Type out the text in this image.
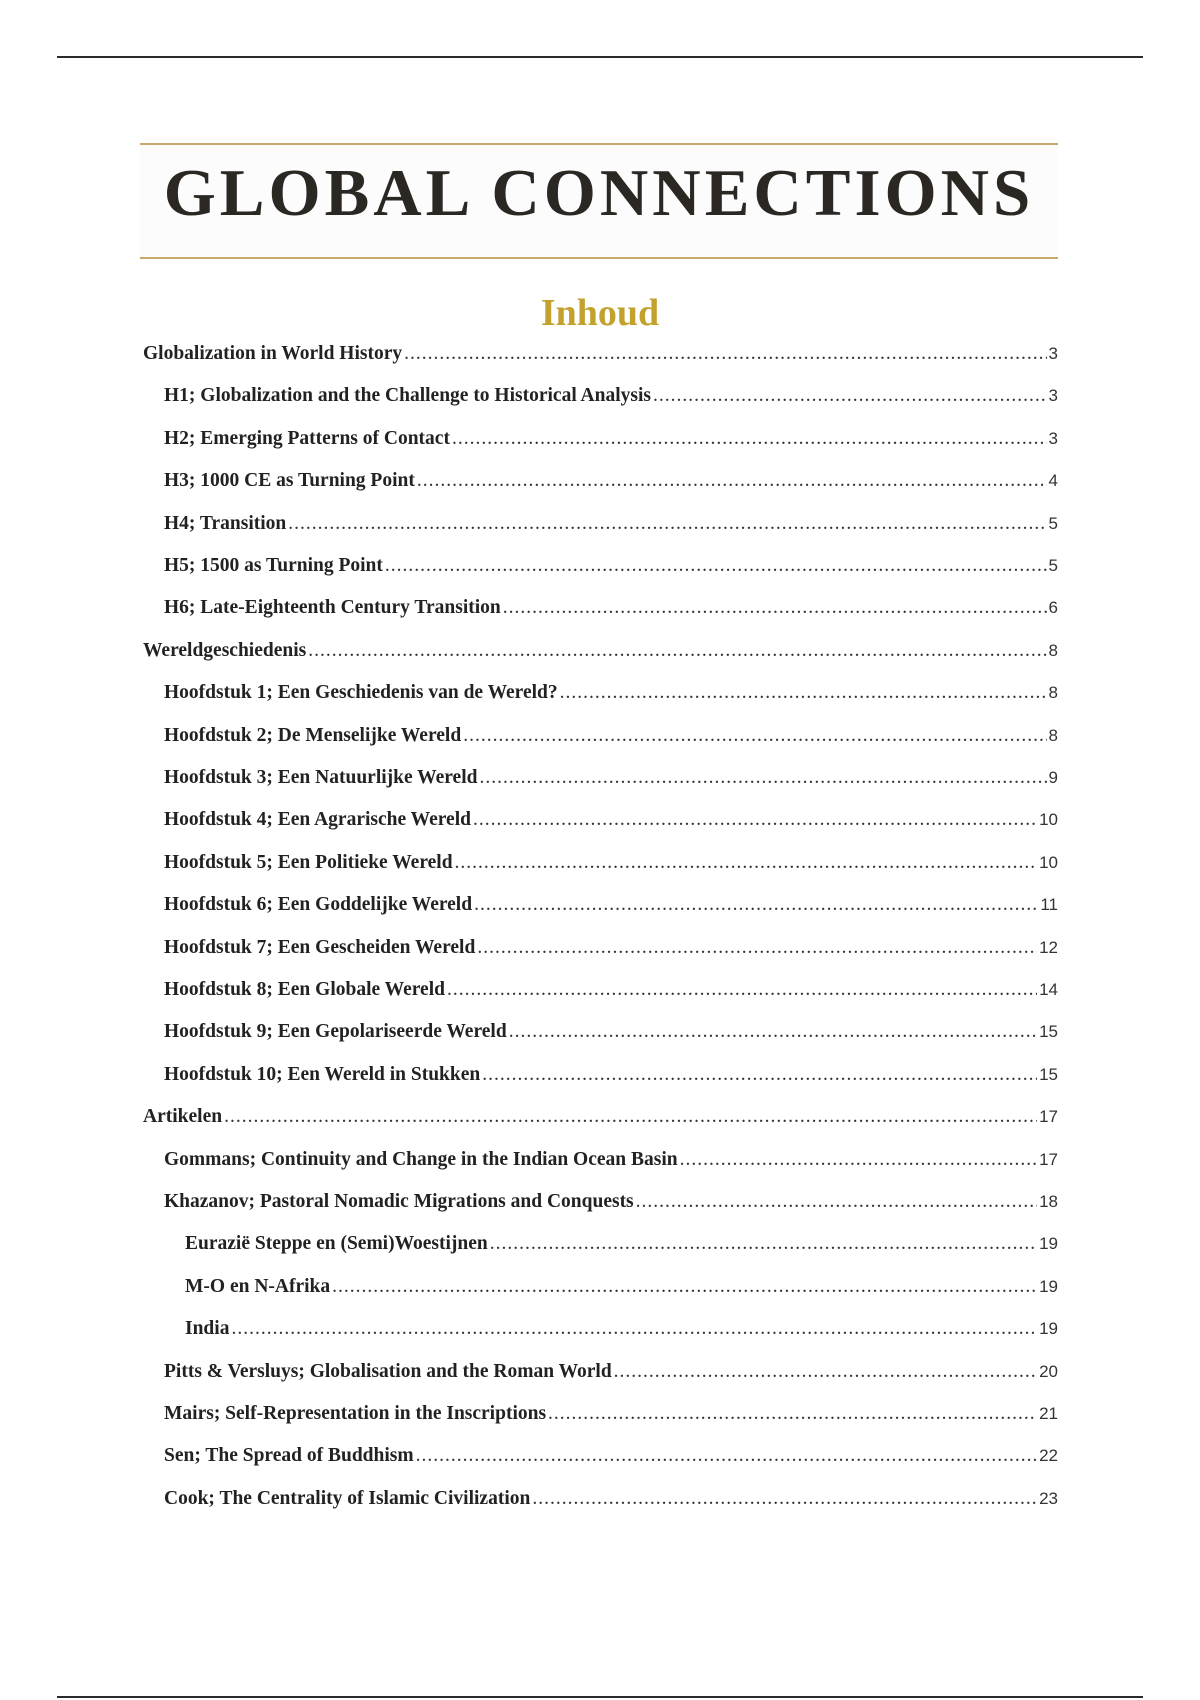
GLOBAL CONNECTIONS
Inhoud
Globalization in World History .....	3
H1; Globalization and the Challenge to Historical Analysis .....	3
H2; Emerging Patterns of Contact .....	3
H3; 1000 CE as Turning Point .....	4
H4; Transition .....	5
H5; 1500 as Turning Point .....	5
H6; Late-Eighteenth Century Transition .....	6
Wereldgeschiedenis .....	8
Hoofdstuk 1; Een Geschiedenis van de Wereld? .....	8
Hoofdstuk 2; De Menselijke Wereld .....	8
Hoofdstuk 3; Een Natuurlijke Wereld .....	9
Hoofdstuk 4; Een Agrarische Wereld .....	10
Hoofdstuk 5; Een Politieke Wereld .....	10
Hoofdstuk 6; Een Goddelijke Wereld .....	11
Hoofdstuk 7; Een Gescheiden Wereld .....	12
Hoofdstuk 8; Een Globale Wereld .....	14
Hoofdstuk 9; Een Gepolariseerde Wereld .....	15
Hoofdstuk 10; Een Wereld in Stukken .....	15
Artikelen .....	17
Gommans; Continuity and Change in the Indian Ocean Basin .....	17
Khazanov; Pastoral Nomadic Migrations and Conquests .....	18
Eurazië Steppe en (Semi)Woestijnen .....	19
M-O en N-Afrika .....	19
India .....	19
Pitts & Versluys; Globalisation and the Roman World .....	20
Mairs; Self-Representation in the Inscriptions .....	21
Sen; The Spread of Buddhism .....	22
Cook; The Centrality of Islamic Civilization .....	23
